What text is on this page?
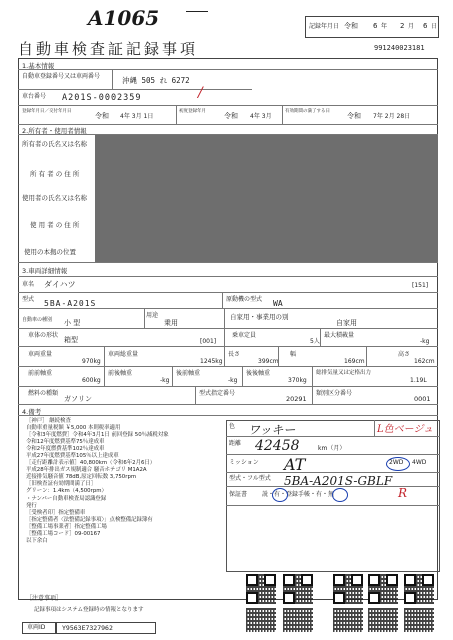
A1065
自動車検査証記録事項
記録年月日 令和 6 年 2 月 6 日
991240023181
1.基本情報
自動車登録番号又は車両番号	沖縄 505 れ 6272
車台番号 A201S-0002359	/
登録年月日／交付年月日
令和 4年 3月 1日
初度登録年月
令和 4年 3月
有効期間の満了する日
令和 7年 2月 28日
2.所有者・使用者情報
所有者の氏名又は名称
所 有 者 の 住 所
使用者の氏名又は名称
使 用 者 の 住 所
使用の本拠の位置
3.車両詳細情報
車名 ダイハツ	[151]
型式 5BA-A201S	原動機の型式 WA
自動車の種別 小 型
用途
乗用
自家用・事業用の別
自家用
車体の形状
箱型	[001]
乗車定員
5人
最大積載量
-kg
車両重量
970kg
車両総重量
1245kg
長さ
399cm
幅
169cm
高さ
162cm
前前軸重
600kg
前後軸重
-kg
後前軸重
-kg
後後軸重
370kg
総排気量又は定格出力
1.19L
燃料の種類
ガソリン
型式指定番号
20291
類別区分番号
0001
4.備考
［神戸］ 継続検査
自動車重量税額 ￥5,000 本則税率適用
［令和3年度燃費］令和4年3月1日 前回登録 50％減税対象
令和12年度燃費基準75％達成車
令和2年度燃費基準102％達成車
平成27年度燃費基準105％以上達成車
［走行距離計表示値］40,800km（令和6年2月6日）
平成28年排出ガス規制適合 騒音ホテゴリ M1A2A
近接排気騒音値 78dB,原定回転数 3,750rpm
［旧検査証有効期間満了日］
グリーン：1.4km（4,500rpm）
・ナンバー自動車検査局認識登録
発行
［受検者印］指定整備車
［指定整備者〈法整備記録事項〉」点検整備記録簿有
［整備工場事業者］指定整備工場
［整備工場コード］09-00167
以下余白
色 ワッキー	L色ベージュ
距離 42458	km（月）
ミッション AT	2WD 4WD
型式・フル型式 5BA-A201S-GBLF
保証書 説・有・登録手帳・有・無	R
［注意事項］
記録事項はシステム登録時の情報となります
車両ID	Y9563E7327962
